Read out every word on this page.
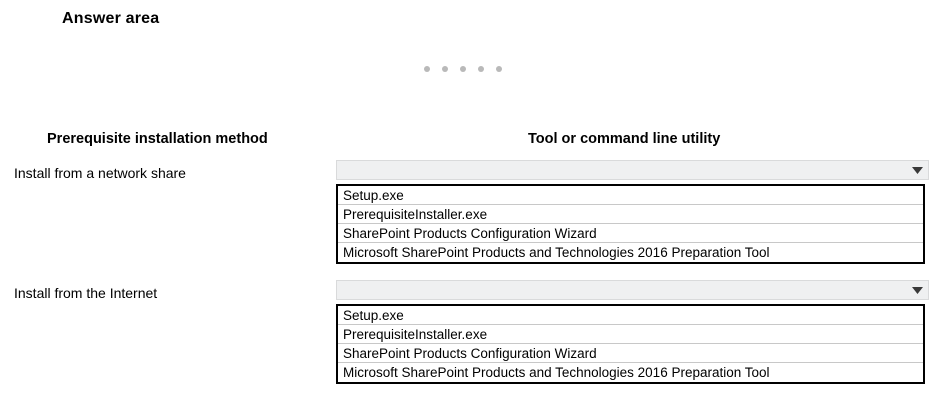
Answer area
Prerequisite installation method	Tool or command line utility
Install from a network share
Setup.exe
PrerequisiteInstaller.exe
SharePoint Products Configuration Wizard
Microsoft SharePoint Products and Technologies 2016 Preparation Tool
Install from the Internet
Setup.exe
PrerequisiteInstaller.exe
SharePoint Products Configuration Wizard
Microsoft SharePoint Products and Technologies 2016 Preparation Tool
